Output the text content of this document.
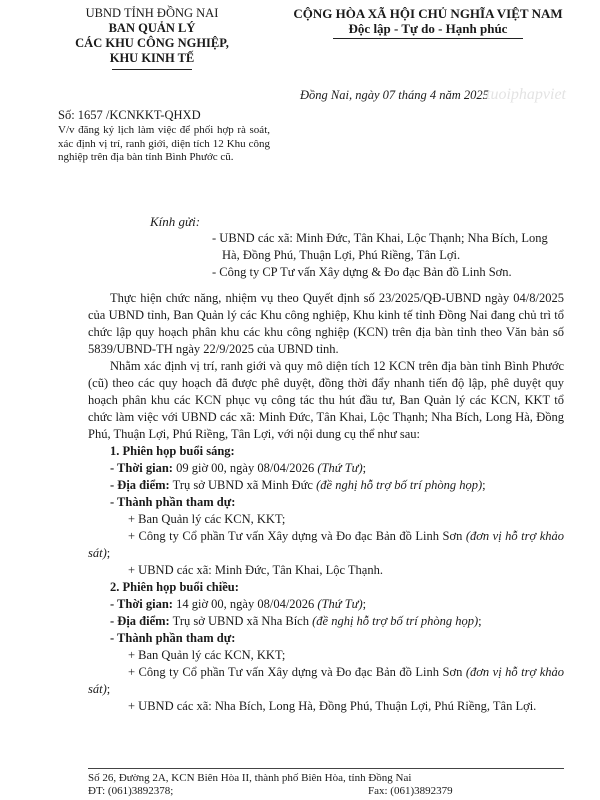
UBND TỈNH ĐỒNG NAI
BAN QUẢN LÝ
CÁC KHU CÔNG NGHIỆP,
KHU KINH TẾ
CỘNG HÒA XÃ HỘI CHỦ NGHĨA VIỆT NAM
Độc lập - Tự do - Hạnh phúc
Đồng Nai, ngày 07 tháng 4 năm 2025
tuoiphapviet
Số: 1657 /KCNKKT-QHXD
V/v đăng ký lịch làm việc để phối hợp rà soát, xác định vị trí, ranh giới, diện tích 12 Khu công nghiệp trên địa bàn tỉnh Bình Phước cũ.
Kính gửi:
- UBND các xã: Minh Đức, Tân Khai, Lộc Thạnh; Nha Bích, Long Hà, Đồng Phú, Thuận Lợi, Phú Riềng, Tân Lợi.
- Công ty CP Tư vấn Xây dựng & Đo đạc Bản đồ Linh Sơn.

Thực hiện chức năng, nhiệm vụ theo Quyết định số 23/2025/QĐ-UBND ngày 04/8/2025 của UBND tỉnh, Ban Quản lý các Khu công nghiệp, Khu kinh tế tỉnh Đồng Nai đang chủ trì tổ chức lập quy hoạch phân khu các khu công nghiệp (KCN) trên địa bàn tỉnh theo Văn bản số 5839/UBND-TH ngày 22/9/2025 của UBND tỉnh.

Nhằm xác định vị trí, ranh giới và quy mô diện tích 12 KCN trên địa bàn tỉnh Bình Phước (cũ) theo các quy hoạch đã được phê duyệt, đồng thời đẩy nhanh tiến độ lập, phê duyệt quy hoạch phân khu các KCN phục vụ công tác thu hút đầu tư, Ban Quản lý các KCN, KKT tổ chức làm việc với UBND các xã: Minh Đức, Tân Khai, Lộc Thạnh; Nha Bích, Long Hà, Đồng Phú, Thuận Lợi, Phú Riềng, Tân Lợi, với nội dung cụ thể như sau:

1. Phiên họp buổi sáng:

- Thời gian: 09 giờ 00, ngày 08/04/2026 (Thứ Tư);

- Địa điểm: Trụ sở UBND xã Minh Đức (đề nghị hỗ trợ bố trí phòng họp);

- Thành phần tham dự:

+ Ban Quản lý các KCN, KKT;

+ Công ty Cổ phần Tư vấn Xây dựng và Đo đạc Bản đồ Linh Sơn (đơn vị hỗ trợ khảo sát);

+ UBND các xã: Minh Đức, Tân Khai, Lộc Thạnh.

2. Phiên họp buổi chiều:

- Thời gian: 14 giờ 00, ngày 08/04/2026 (Thứ Tư);

- Địa điểm: Trụ sở UBND xã Nha Bích (đề nghị hỗ trợ bố trí phòng họp);

- Thành phần tham dự:

+ Ban Quản lý các KCN, KKT;

+ Công ty Cổ phần Tư vấn Xây dựng và Đo đạc Bản đồ Linh Sơn (đơn vị hỗ trợ khảo sát);

+ UBND các xã: Nha Bích, Long Hà, Đồng Phú, Thuận Lợi, Phú Riềng, Tân Lợi.

Số 26, Đường 2A, KCN Biên Hòa II, thành phố Biên Hòa, tỉnh Đồng Nai
ĐT: (061)3892378;	Fax: (061)3892379
